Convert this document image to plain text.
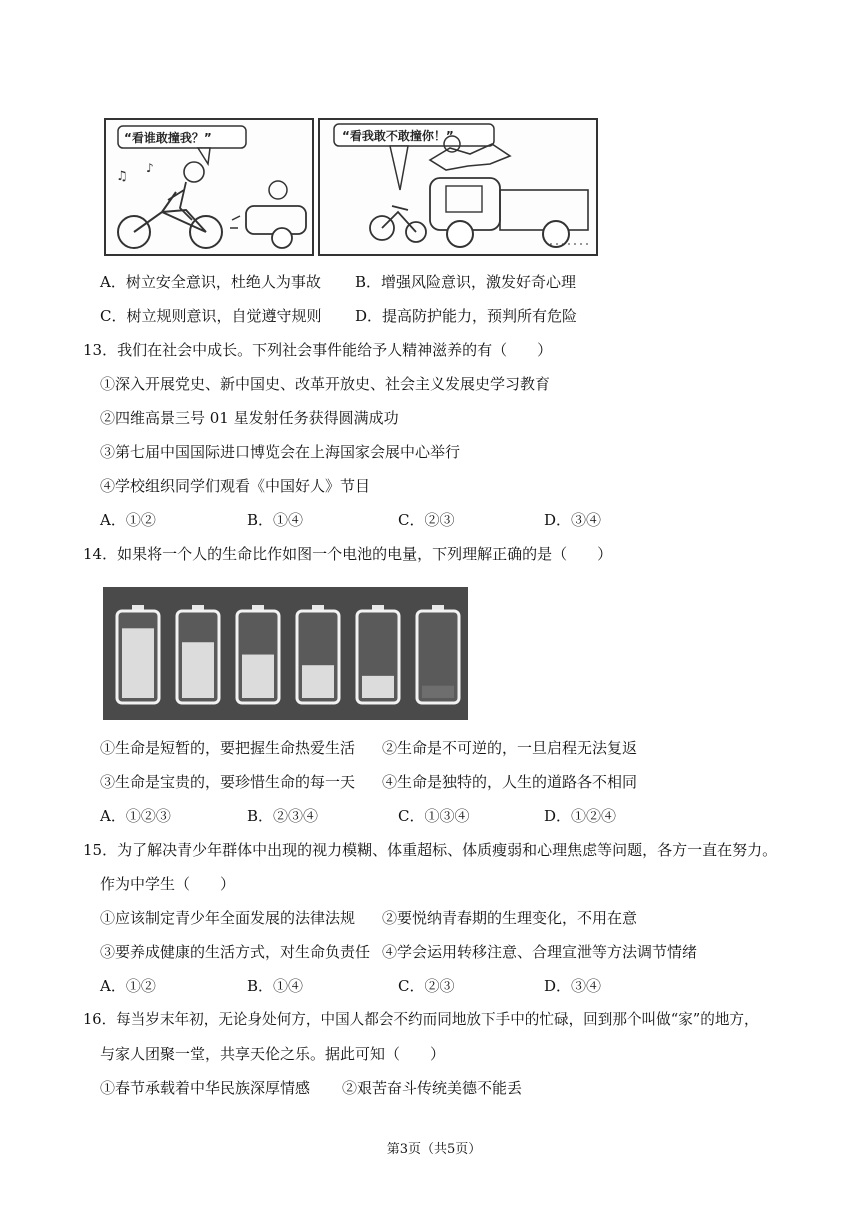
“看谁敢撞我？”
♫
♪
“看我敢不敢撞你！”
A．树立安全意识，杜绝人为事故 B．增强风险意识，激发好奇心理
C．树立规则意识，自觉遵守规则 D．提高防护能力，预判所有危险
13．我们在社会中成长。下列社会事件能给予人精神滋养的有（　　）
①深入开展党史、新中国史、改革开放史、社会主义发展史学习教育
②四维高景三号 01 星发射任务获得圆满成功
③第七届中国国际进口博览会在上海国家会展中心举行
④学校组织同学们观看《中国好人》节目
A．①②	B．①④	C．②③	D．③④
14．如果将一个人的生命比作如图一个电池的电量，下列理解正确的是（　　）
①生命是短暂的，要把握生命热爱生活 ②生命是不可逆的，一旦启程无法复返
③生命是宝贵的，要珍惜生命的每一天 ④生命是独特的，人生的道路各不相同
A．①②③	B．②③④	C．①③④	D．①②④
15．为了解决青少年群体中出现的视力模糊、体重超标、体质瘦弱和心理焦虑等问题，各方一直在努力。
作为中学生（　　）
①应该制定青少年全面发展的法律法规 ②要悦纳青春期的生理变化，不用在意
③要养成健康的生活方式，对生命负责任 ④学会运用转移注意、合理宣泄等方法调节情绪
A．①②	B．①④	C．②③	D．③④
16．每当岁末年初，无论身处何方，中国人都会不约而同地放下手中的忙碌，回到那个叫做“家”的地方，
与家人团聚一堂，共享天伦之乐。据此可知（　　）
①春节承载着中华民族深厚情感 ②艰苦奋斗传统美德不能丢
第3页（共5页）
